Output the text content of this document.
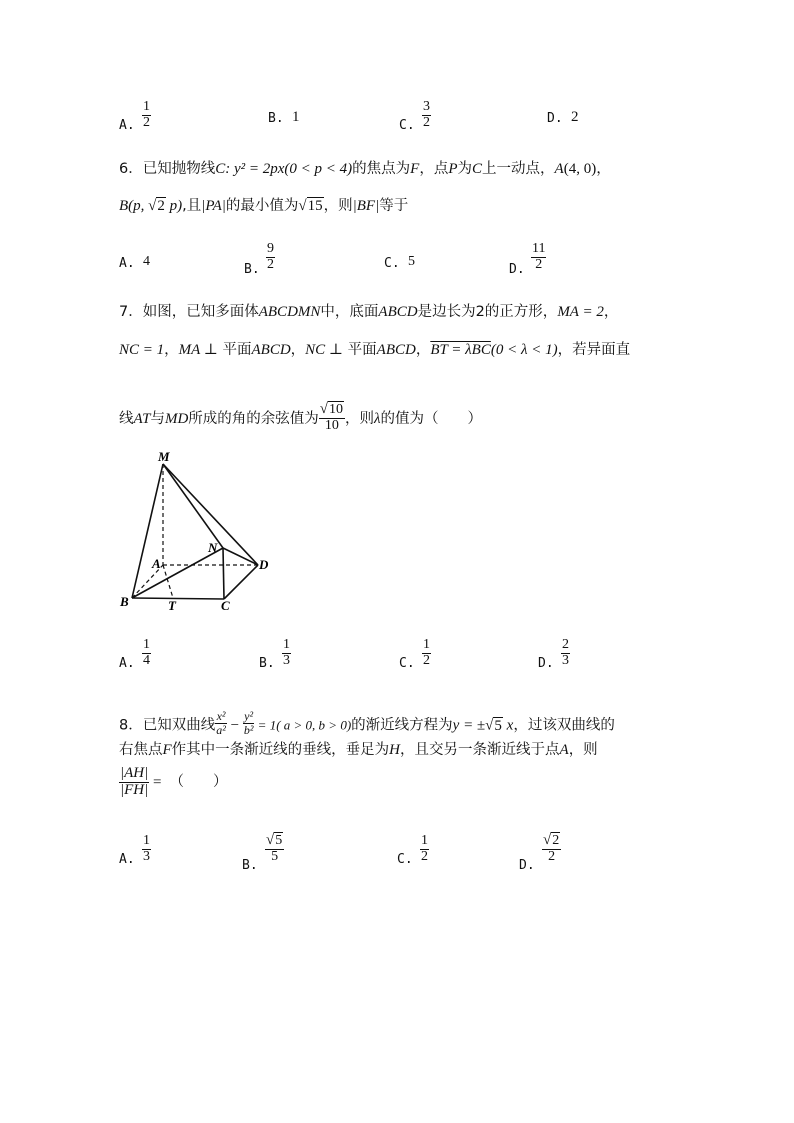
A. $\frac{1}{2}$	B. 1
C. $\frac{3}{2}$	D. 2
6．已知抛物线C: y² = 2px(0 < p < 4)的焦点为F，点P为C上一动点，A(4, 0)，
B(p, √2 p),且|PA|的最小值为√15，则|BF|等于
A. 4
B. $\frac{9}{2}$	C. 5
D. $\frac{11}{2}$
7．如图，已知多面体ABCDMN中，底面ABCD是边长为2的正方形，MA = 2，
NC = 1，MA ⊥ 平面ABCD，NC ⊥ 平面ABCD，BT = λBC(0 < λ < 1)，若异面直
线AT与MD所成的角的余弦值为 $\frac{√10}{10}$ ，则λ的值为（　　）
M
N
A	D
B	T	C
A. $\frac{1}{4}$	B. $\frac{1}{3}$	C. $\frac{1}{2}$	D. $\frac{2}{3}$
8．已知双曲线 $\frac{\text{x²}}{\text{a²}} - \frac{\text{y²}}{\text{b²}} = 1$( a > 0, b > 0)的渐近线方程为y = ±√5 x，过该双曲线的
右焦点F作其中一条渐近线的垂线，垂足为H，且交另一条渐近线于点A，则
$\frac{|AH|}{|FH|}$ = （　　）
A. $\frac{1}{3}$
B.
$\frac{√5}{5}$	C. $\frac{1}{2}$
D.
$\frac{√2}{2}$
